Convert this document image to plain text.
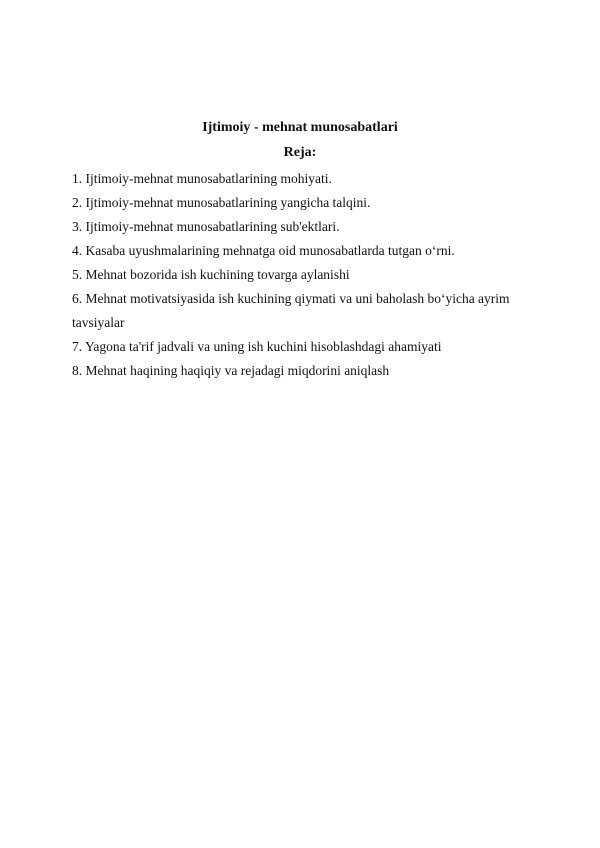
Ijtimoiy - mehnat munosabatlari
Reja:
1. Ijtimoiy-mehnat munosabatlarining mohiyati.
2. Ijtimoiy-mehnat munosabatlarining yangicha talqini.
3. Ijtimoiy-mehnat munosabatlarining sub'ektlari.
4. Kasaba uyushmalarining mehnatga oid munosabatlarda tutgan o‘rni.
5. Mehnat bozorida ish kuchining tovarga aylanishi
6. Mehnat motivatsiyasida ish kuchining qiymati va uni baholash bo‘yicha ayrim tavsiyalar
7. Yagona ta'rif jadvali va uning ish kuchini hisoblashdagi ahamiyati
8. Mehnat haqining haqiqiy va rejadagi miqdorini aniqlash
